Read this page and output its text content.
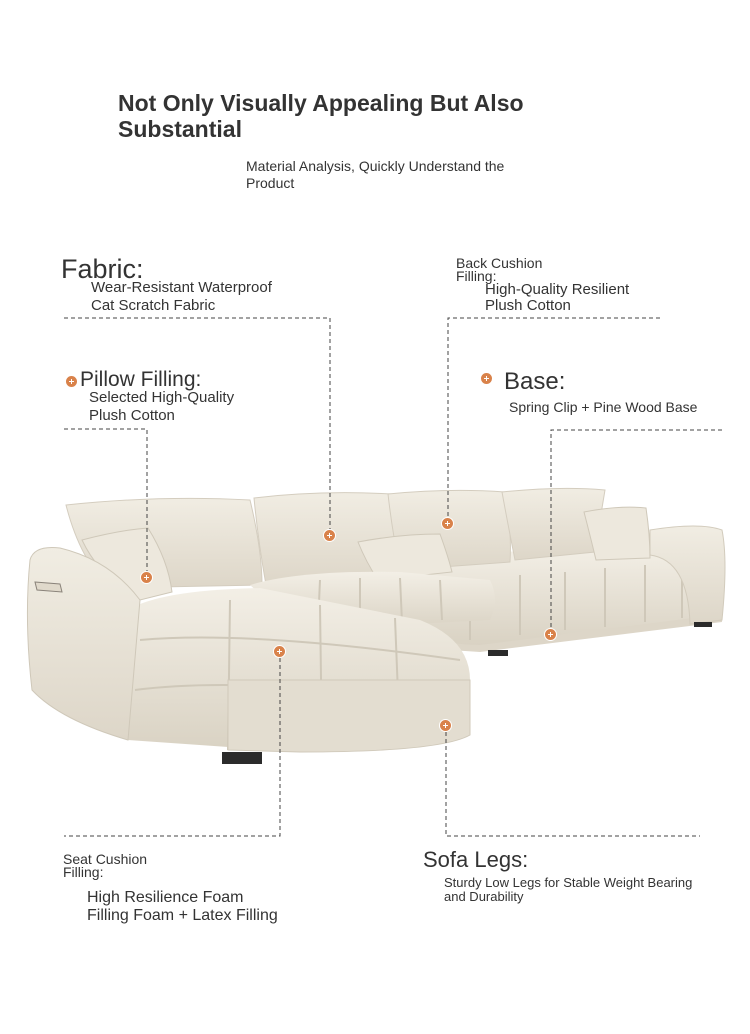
Not Only Visually Appealing But Also Substantial
Material Analysis, Quickly Understand the Product
Fabric:
Wear-Resistant Waterproof
Cat Scratch Fabric
Back Cushion
Filling:
High-Quality Resilient
Plush Cotton
Pillow Filling:
Selected High-Quality
Plush Cotton
Base:
Spring Clip + Pine Wood Base
Seat Cushion
Filling:
High Resilience Foam
Filling Foam + Latex Filling
Sofa Legs:
Sturdy Low Legs for Stable Weight Bearing
and Durability
